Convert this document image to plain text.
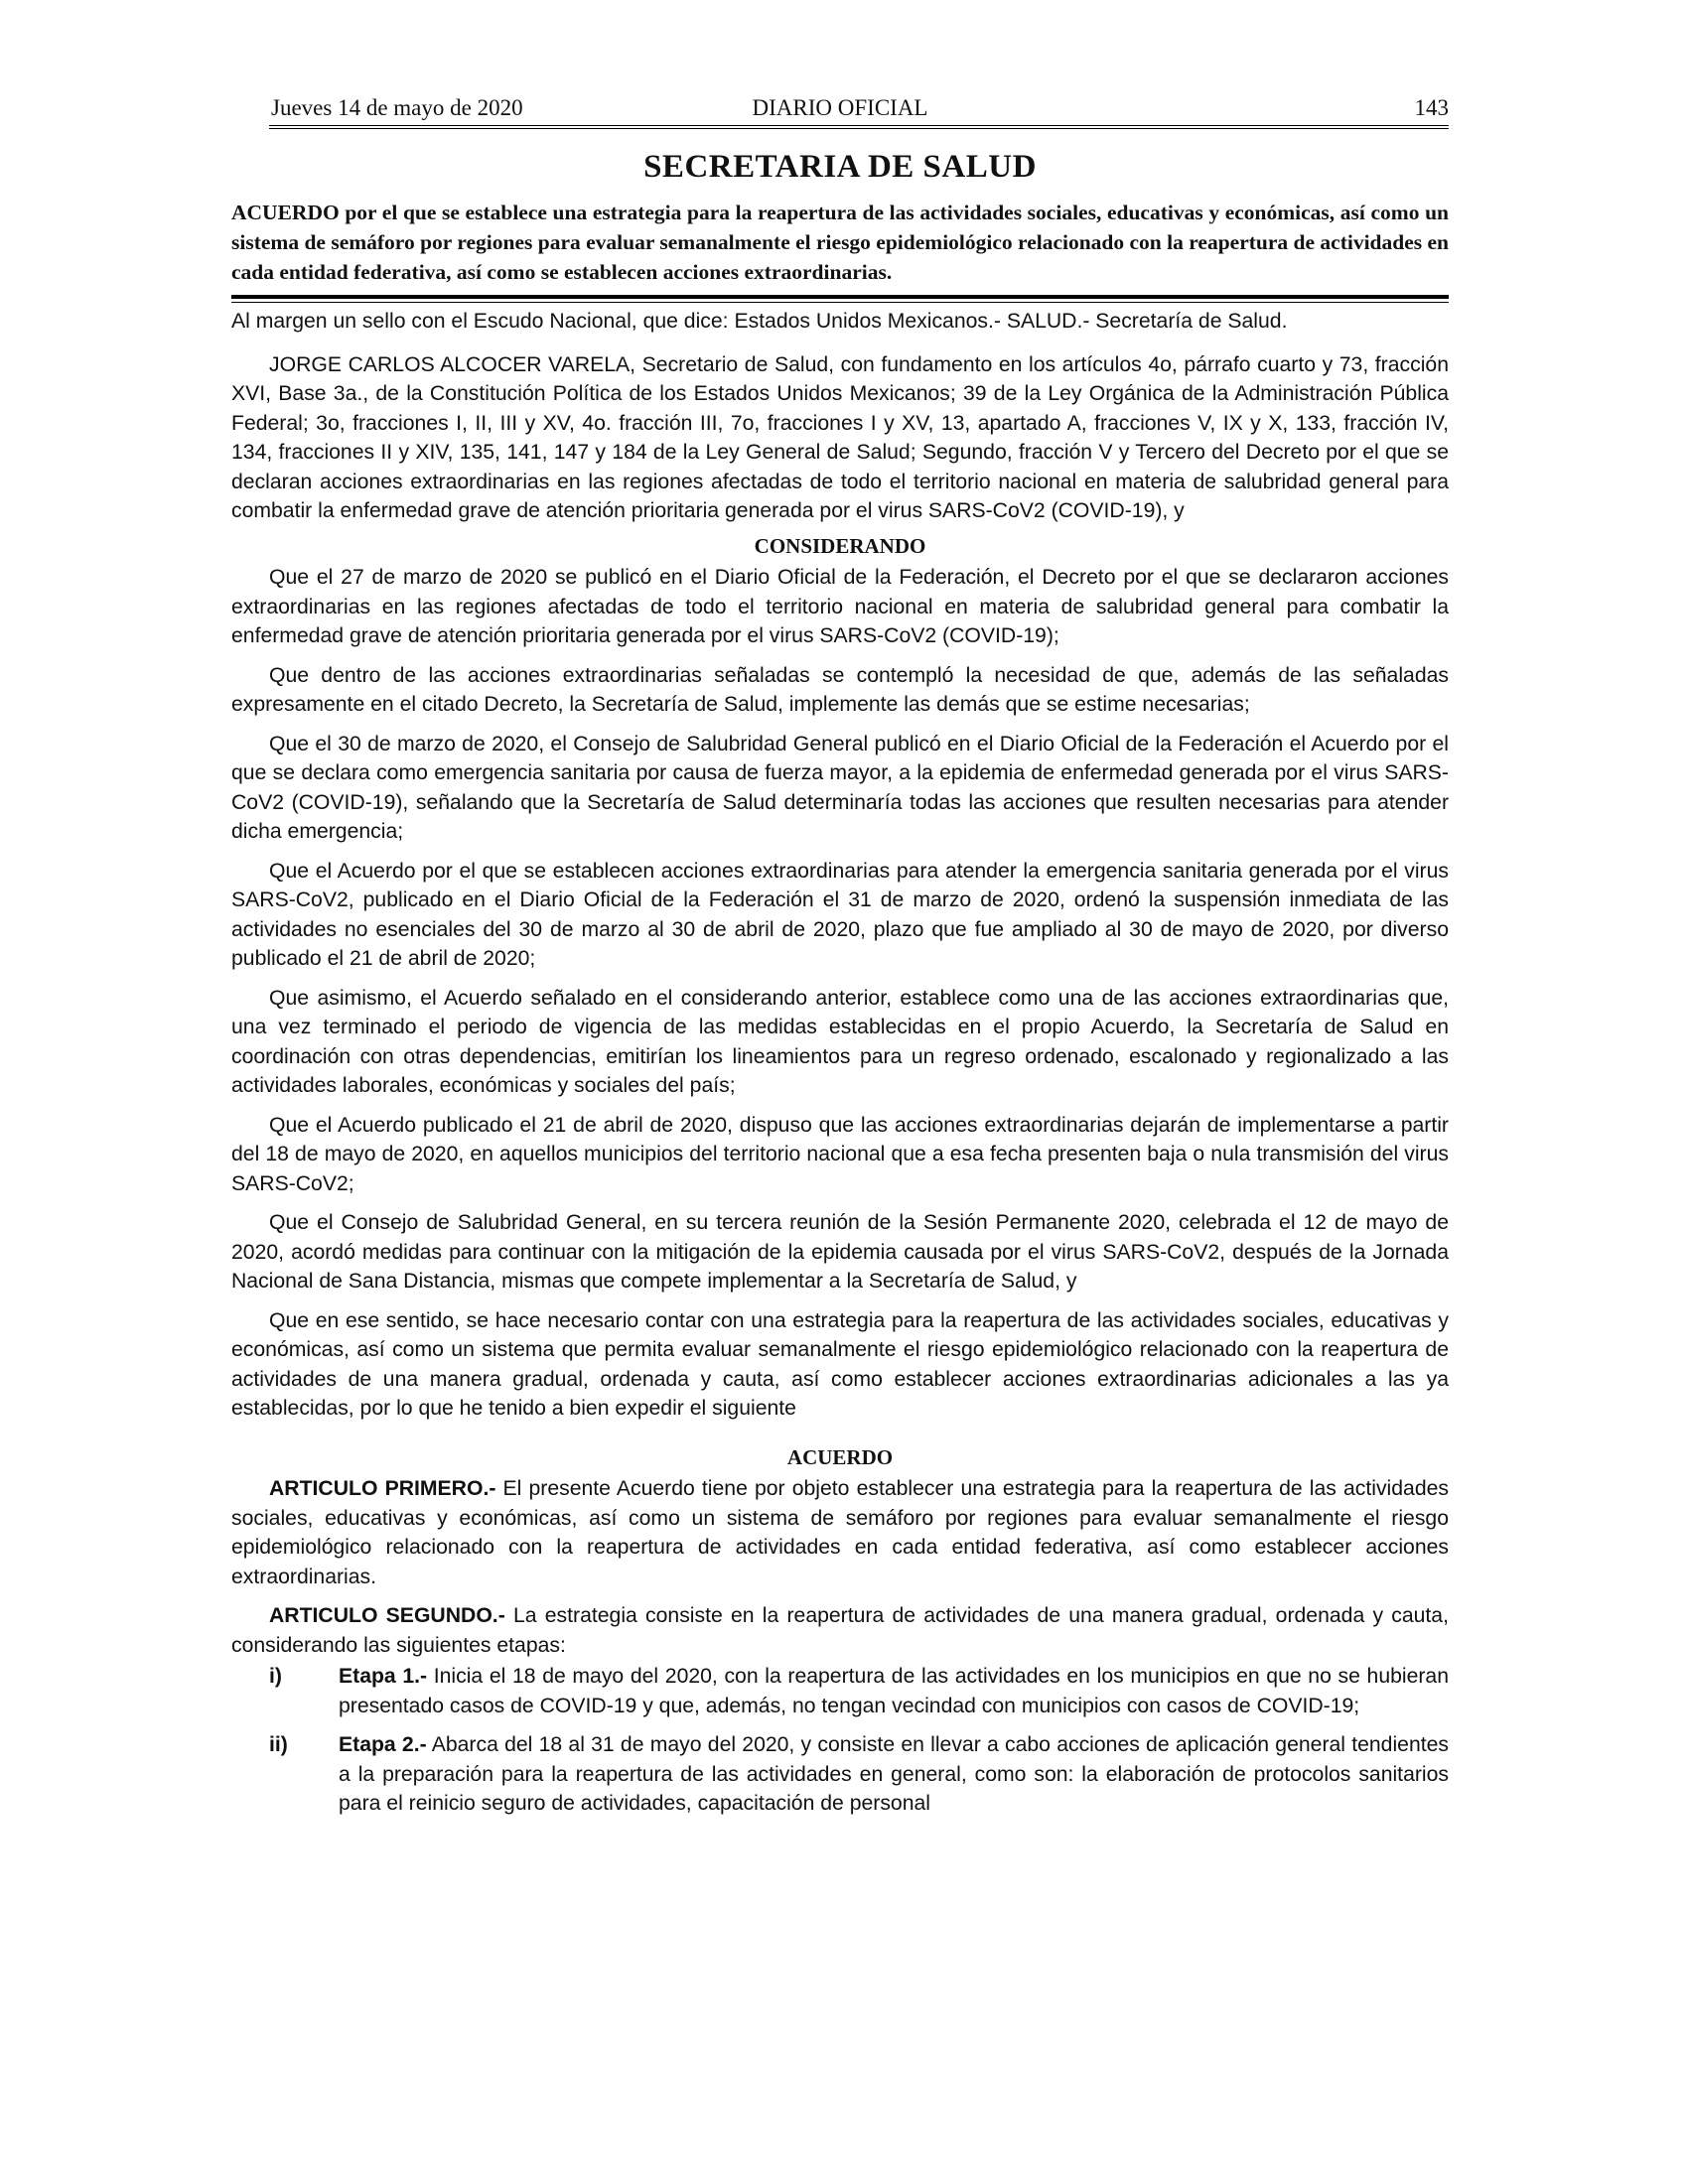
Jueves 14 de mayo de 2020	DIARIO OFICIAL	143
SECRETARIA DE SALUD
ACUERDO por el que se establece una estrategia para la reapertura de las actividades sociales, educativas y económicas, así como un sistema de semáforo por regiones para evaluar semanalmente el riesgo epidemiológico relacionado con la reapertura de actividades en cada entidad federativa, así como se establecen acciones extraordinarias.

Al margen un sello con el Escudo Nacional, que dice: Estados Unidos Mexicanos.- SALUD.- Secretaría de Salud.

JORGE CARLOS ALCOCER VARELA, Secretario de Salud, con fundamento en los artículos 4o, párrafo cuarto y 73, fracción XVI, Base 3a., de la Constitución Política de los Estados Unidos Mexicanos; 39 de la Ley Orgánica de la Administración Pública Federal; 3o, fracciones I, II, III y XV, 4o. fracción III, 7o, fracciones I y XV, 13, apartado A, fracciones V, IX y X, 133, fracción IV, 134, fracciones II y XIV, 135, 141, 147 y 184 de la Ley General de Salud; Segundo, fracción V y Tercero del Decreto por el que se declaran acciones extraordinarias en las regiones afectadas de todo el territorio nacional en materia de salubridad general para combatir la enfermedad grave de atención prioritaria generada por el virus SARS-CoV2 (COVID-19), y

CONSIDERANDO

Que el 27 de marzo de 2020 se publicó en el Diario Oficial de la Federación, el Decreto por el que se declararon acciones extraordinarias en las regiones afectadas de todo el territorio nacional en materia de salubridad general para combatir la enfermedad grave de atención prioritaria generada por el virus SARS-CoV2 (COVID-19);

Que dentro de las acciones extraordinarias señaladas se contempló la necesidad de que, además de las señaladas expresamente en el citado Decreto, la Secretaría de Salud, implemente las demás que se estime necesarias;

Que el 30 de marzo de 2020, el Consejo de Salubridad General publicó en el Diario Oficial de la Federación el Acuerdo por el que se declara como emergencia sanitaria por causa de fuerza mayor, a la epidemia de enfermedad generada por el virus SARS-CoV2 (COVID-19), señalando que la Secretaría de Salud determinaría todas las acciones que resulten necesarias para atender dicha emergencia;

Que el Acuerdo por el que se establecen acciones extraordinarias para atender la emergencia sanitaria generada por el virus SARS-CoV2, publicado en el Diario Oficial de la Federación el 31 de marzo de 2020, ordenó la suspensión inmediata de las actividades no esenciales del 30 de marzo al 30 de abril de 2020, plazo que fue ampliado al 30 de mayo de 2020, por diverso publicado el 21 de abril de 2020;

Que asimismo, el Acuerdo señalado en el considerando anterior, establece como una de las acciones extraordinarias que, una vez terminado el periodo de vigencia de las medidas establecidas en el propio Acuerdo, la Secretaría de Salud en coordinación con otras dependencias, emitirían los lineamientos para un regreso ordenado, escalonado y regionalizado a las actividades laborales, económicas y sociales del país;

Que el Acuerdo publicado el 21 de abril de 2020, dispuso que las acciones extraordinarias dejarán de implementarse a partir del 18 de mayo de 2020, en aquellos municipios del territorio nacional que a esa fecha presenten baja o nula transmisión del virus SARS-CoV2;

Que el Consejo de Salubridad General, en su tercera reunión de la Sesión Permanente 2020, celebrada el 12 de mayo de 2020, acordó medidas para continuar con la mitigación de la epidemia causada por el virus SARS-CoV2, después de la Jornada Nacional de Sana Distancia, mismas que compete implementar a la Secretaría de Salud, y

Que en ese sentido, se hace necesario contar con una estrategia para la reapertura de las actividades sociales, educativas y económicas, así como un sistema que permita evaluar semanalmente el riesgo epidemiológico relacionado con la reapertura de actividades de una manera gradual, ordenada y cauta, así como establecer acciones extraordinarias adicionales a las ya establecidas, por lo que he tenido a bien expedir el siguiente

ACUERDO

ARTICULO PRIMERO.- El presente Acuerdo tiene por objeto establecer una estrategia para la reapertura de las actividades sociales, educativas y económicas, así como un sistema de semáforo por regiones para evaluar semanalmente el riesgo epidemiológico relacionado con la reapertura de actividades en cada entidad federativa, así como establecer acciones extraordinarias.

ARTICULO SEGUNDO.- La estrategia consiste en la reapertura de actividades de una manera gradual, ordenada y cauta, considerando las siguientes etapas:

i)	Etapa 1.- Inicia el 18 de mayo del 2020, con la reapertura de las actividades en los municipios en que no se hubieran presentado casos de COVID-19 y que, además, no tengan vecindad con municipios con casos de COVID-19;
ii)	Etapa 2.- Abarca del 18 al 31 de mayo del 2020, y consiste en llevar a cabo acciones de aplicación general tendientes a la preparación para la reapertura de las actividades en general, como son: la elaboración de protocolos sanitarios para el reinicio seguro de actividades, capacitación de personal
